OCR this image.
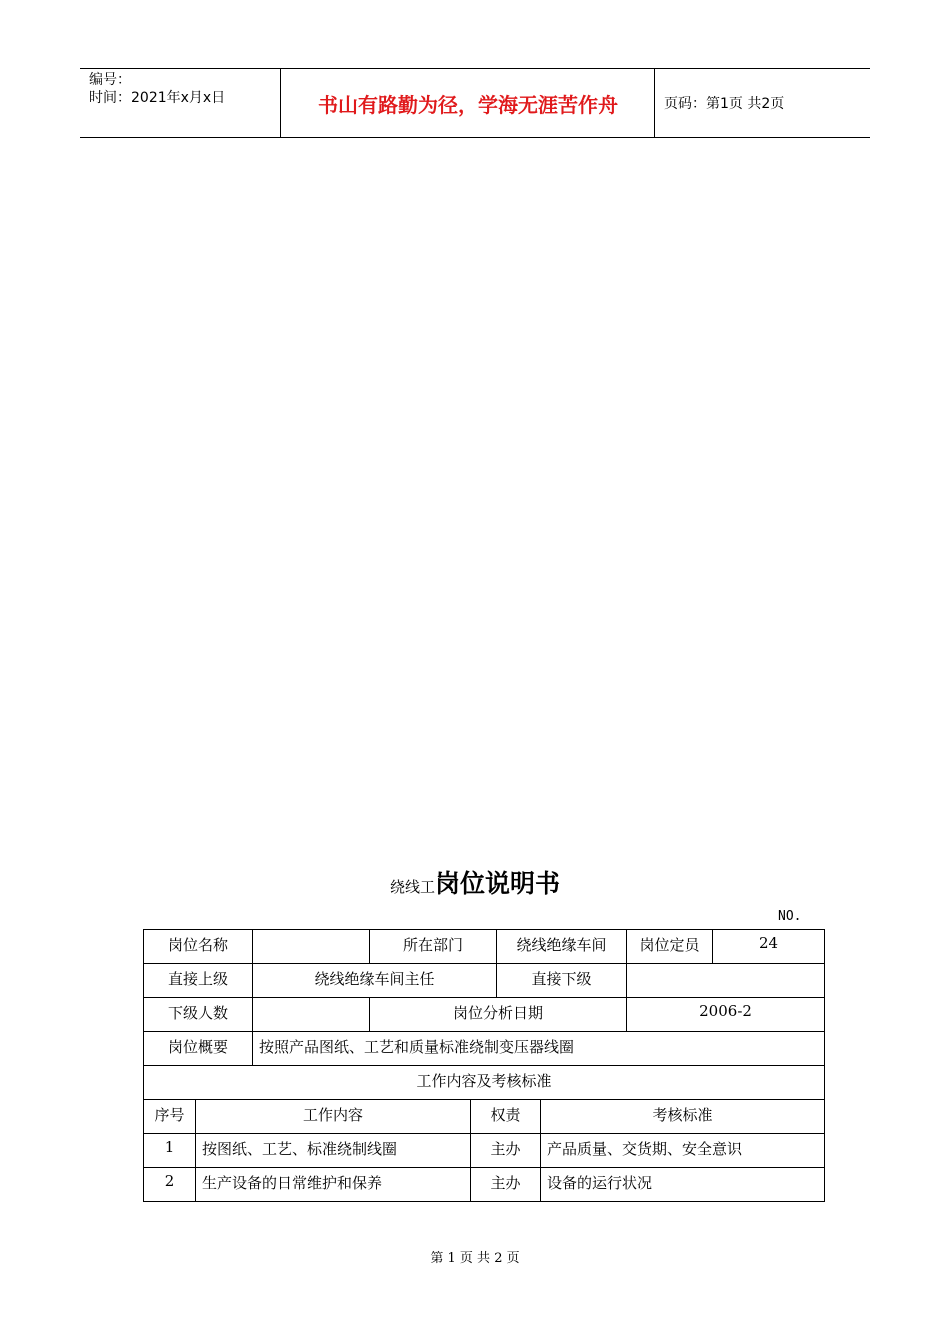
编号：
时间：2021年x月x日	书山有路勤为径，学海无涯苦作舟	页码：第1页 共2页
绕线工岗位说明书
NO.
岗位名称			所在部门		绕线绝缘车间		岗位定员	24
直接上级		绕线绝缘车间主任			直接下级			
下级人数			岗位分析日期				2006-2	
岗位概要		按照产品图纸、工艺和质量标准绕制变压器线圈						
工作内容及考核标准								
序号	工作内容			权责		考核标准		
1	按图纸、工艺、标准绕制线圈			主办		产品质量、交货期、安全意识		
2	生产设备的日常维护和保养			主办		设备的运行状况		
第 1 页 共 2 页
